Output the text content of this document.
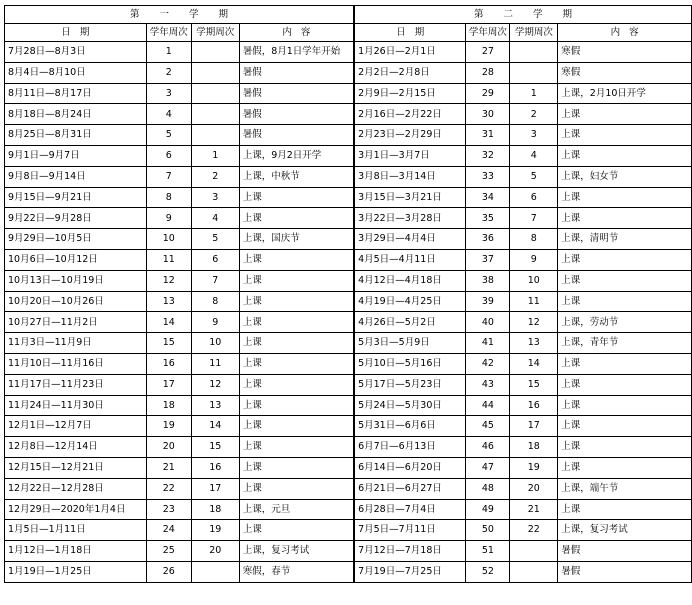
第一学期				第二学期			
日期	学年周次	学期周次	内容	日期	学年周次	学期周次	内容
7月28日—8月3日	1		暑假，8月1日学年开始	1月26日—2月1日	27		寒假
8月4日—8月10日	2		暑假	2月2日—2月8日	28		寒假
8月11日—8月17日	3		暑假	2月9日—2月15日	29	1	上课，2月10日开学
8月18日—8月24日	4		暑假	2月16日—2月22日	30	2	上课
8月25日—8月31日	5		暑假	2月23日—2月29日	31	3	上课
9月1日—9月7日	6	1	上课，9月2日开学	3月1日—3月7日	32	4	上课
9月8日—9月14日	7	2	上课，中秋节	3月8日—3月14日	33	5	上课，妇女节
9月15日—9月21日	8	3	上课	3月15日—3月21日	34	6	上课
9月22日—9月28日	9	4	上课	3月22日—3月28日	35	7	上课
9月29日—10月5日	10	5	上课，国庆节	3月29日—4月4日	36	8	上课，清明节
10月6日—10月12日	11	6	上课	4月5日—4月11日	37	9	上课
10月13日—10月19日	12	7	上课	4月12日—4月18日	38	10	上课
10月20日—10月26日	13	8	上课	4月19日—4月25日	39	11	上课
10月27日—11月2日	14	9	上课	4月26日—5月2日	40	12	上课，劳动节
11月3日—11月9日	15	10	上课	5月3日—5月9日	41	13	上课，青年节
11月10日—11月16日	16	11	上课	5月10日—5月16日	42	14	上课
11月17日—11月23日	17	12	上课	5月17日—5月23日	43	15	上课
11月24日—11月30日	18	13	上课	5月24日—5月30日	44	16	上课
12月1日—12月7日	19	14	上课	5月31日—6月6日	45	17	上课
12月8日—12月14日	20	15	上课	6月7日—6月13日	46	18	上课
12月15日—12月21日	21	16	上课	6月14日—6月20日	47	19	上课
12月22日—12月28日	22	17	上课	6月21日—6月27日	48	20	上课，端午节
12月29日—2020年1月4日	23	18	上课，元旦	6月28日—7月4日	49	21	上课
1月5日—1月11日	24	19	上课	7月5日—7月11日	50	22	上课，复习考试
1月12日—1月18日	25	20	上课，复习考试	7月12日—7月18日	51		暑假
1月19日—1月25日	26		寒假，春节	7月19日—7月25日	52		暑假
